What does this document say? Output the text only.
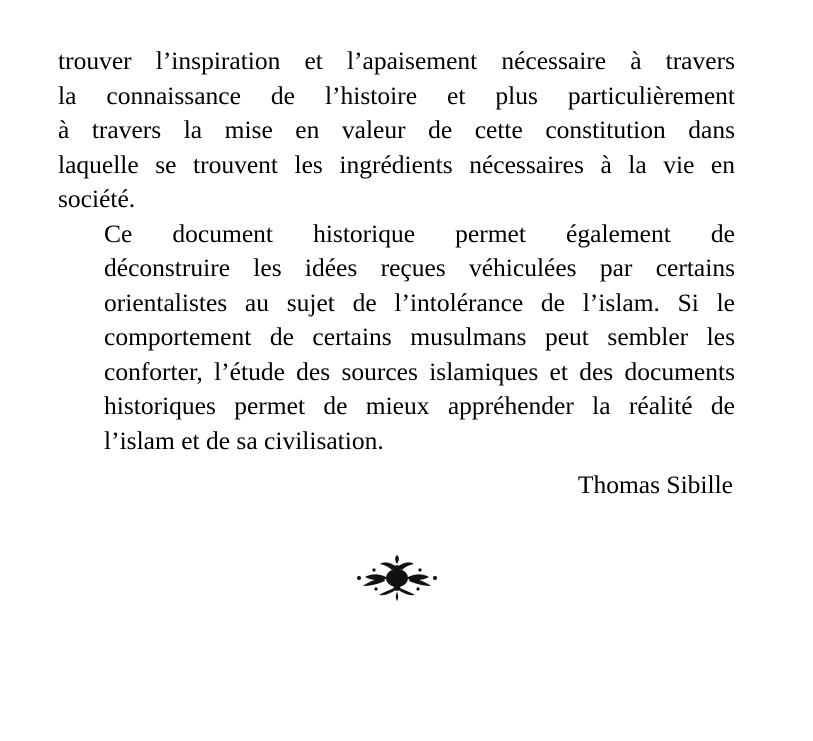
trouver l’inspiration et l’apaisement nécessaire à travers
la connaissance de l’histoire et plus particulièrement
à travers la mise en valeur de cette constitution dans
laquelle se trouvent les ingrédients nécessaires à la vie en
société.

Ce document historique permet également de
déconstruire les idées reçues véhiculées par certains
orientalistes au sujet de l’intolérance de l’islam. Si le
comportement de certains musulmans peut sembler les
conforter, l’étude des sources islamiques et des documents
historiques permet de mieux appréhender la réalité de
l’islam et de sa civilisation.

Thomas Sibille
